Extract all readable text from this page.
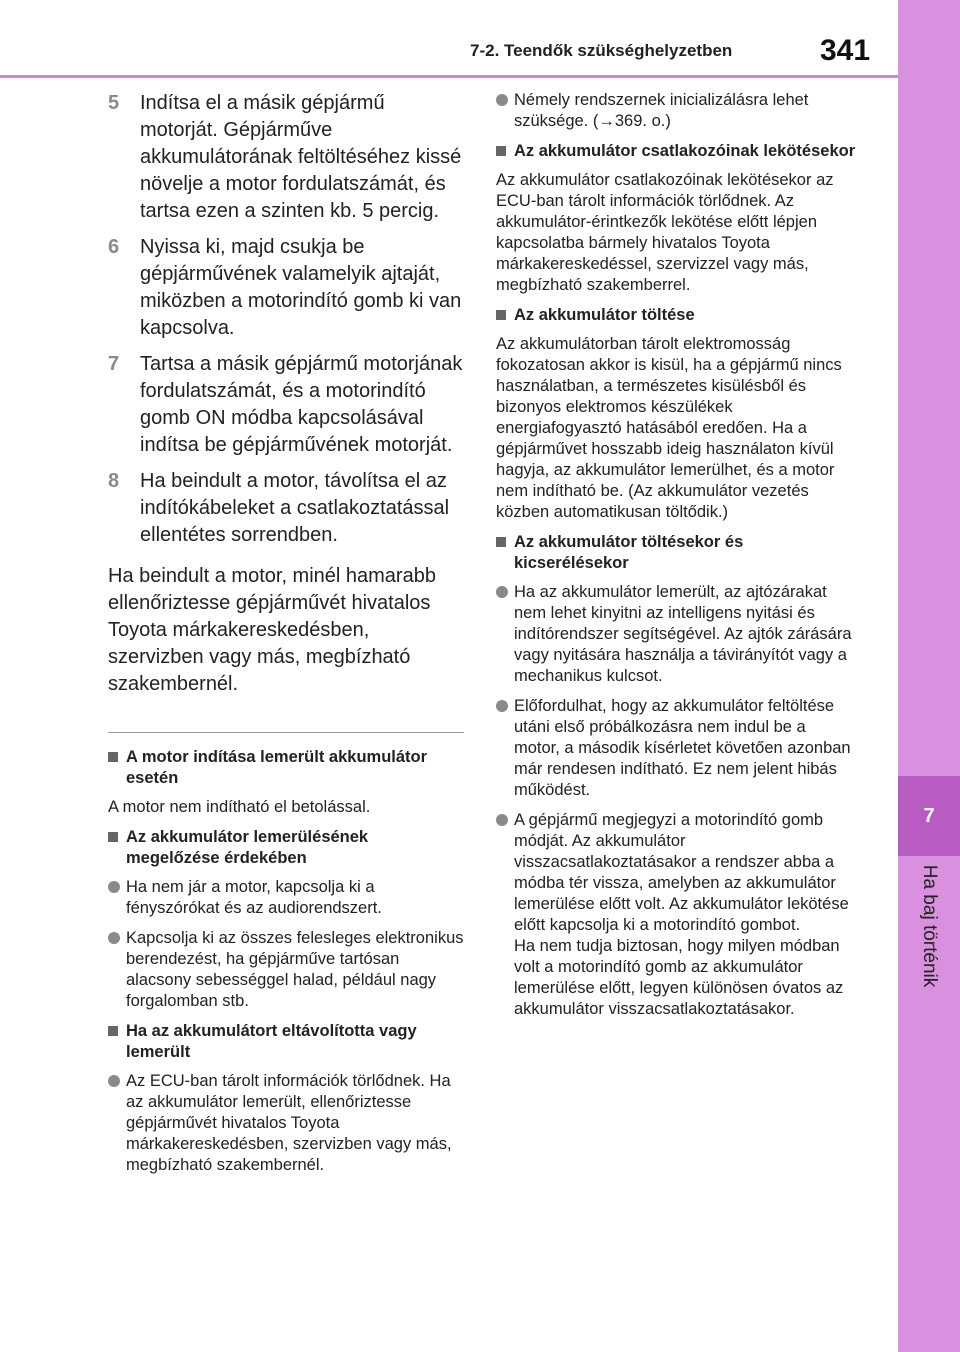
7-2. Teendők szükséghelyzetben	341
7
Ha baj történik
5	Indítsa el a másik gépjármű motorját. Gépjárműve akkumulátorának feltöltéséhez kissé növelje a motor fordulatszámát, és tartsa ezen a szinten kb. 5 percig.
6	Nyissa ki, majd csukja be gépjárművének valamelyik ajtaját, miközben a motorindító gomb ki van kapcsolva.
7	Tartsa a másik gépjármű motorjának fordulatszámát, és a motorindító gomb ON módba kapcsolásával indítsa be gépjárművének motorját.
8	Ha beindult a motor, távolítsa el az indítókábeleket a csatlakoztatással ellentétes sorrendben.

Ha beindult a motor, minél hamarabb ellenőriztesse gépjárművét hivatalos Toyota márkakereskedésben, szervizben vagy más, megbízható szakembernél.

A motor indítása lemerült akkumulátor esetén

A motor nem indítható el betolással.

Az akkumulátor lemerülésének megelőzése érdekében
Ha nem jár a motor, kapcsolja ki a fényszórókat és az audiorendszert.
Kapcsolja ki az összes felesleges elektronikus berendezést, ha gépjárműve tartósan alacsony sebességgel halad, például nagy forgalomban stb.
Ha az akkumulátort eltávolította vagy lemerült
Az ECU-ban tárolt információk törlődnek. Ha az akkumulátor lemerült, ellenőriztesse gépjárművét hivatalos Toyota márkakereskedésben, szervizben vagy más, megbízható szakembernél.
Némely rendszernek inicializálásra lehet szüksége. (→369. o.)
Az akkumulátor csatlakozóinak lekötésekor

Az akkumulátor csatlakozóinak lekötésekor az ECU-ban tárolt információk törlődnek. Az akkumulátor-érintkezők lekötése előtt lépjen kapcsolatba bármely hivatalos Toyota márkakereskedéssel, szervizzel vagy más, megbízható szakemberrel.

Az akkumulátor töltése

Az akkumulátorban tárolt elektromosság fokozatosan akkor is kisül, ha a gépjármű nincs használatban, a természetes kisülésből és bizonyos elektromos készülékek energiafogyasztó hatásából eredően. Ha a gépjárművet hosszabb ideig használaton kívül hagyja, az akkumulátor lemerülhet, és a motor nem indítható be. (Az akkumulátor vezetés közben automatikusan töltődik.)

Az akkumulátor töltésekor és kicserélésekor
Ha az akkumulátor lemerült, az ajtózárakat nem lehet kinyitni az intelligens nyitási és indítórendszer segítségével. Az ajtók zárására vagy nyitására használja a távirányítót vagy a mechanikus kulcsot.
Előfordulhat, hogy az akkumulátor feltöltése utáni első próbálkozásra nem indul be a motor, a második kísérletet követően azonban már rendesen indítható. Ez nem jelent hibás működést.
A gépjármű megjegyzi a motorindító gomb módját. Az akkumulátor visszacsatlakoztatásakor a rendszer abba a módba tér vissza, amelyben az akkumulátor lemerülése előtt volt. Az akkumulátor lekötése előtt kapcsolja ki a motorindító gombot.
Ha nem tudja biztosan, hogy milyen módban volt a motorindító gomb az akkumulátor lemerülése előtt, legyen különösen óvatos az akkumulátor visszacsatlakoztatásakor.
